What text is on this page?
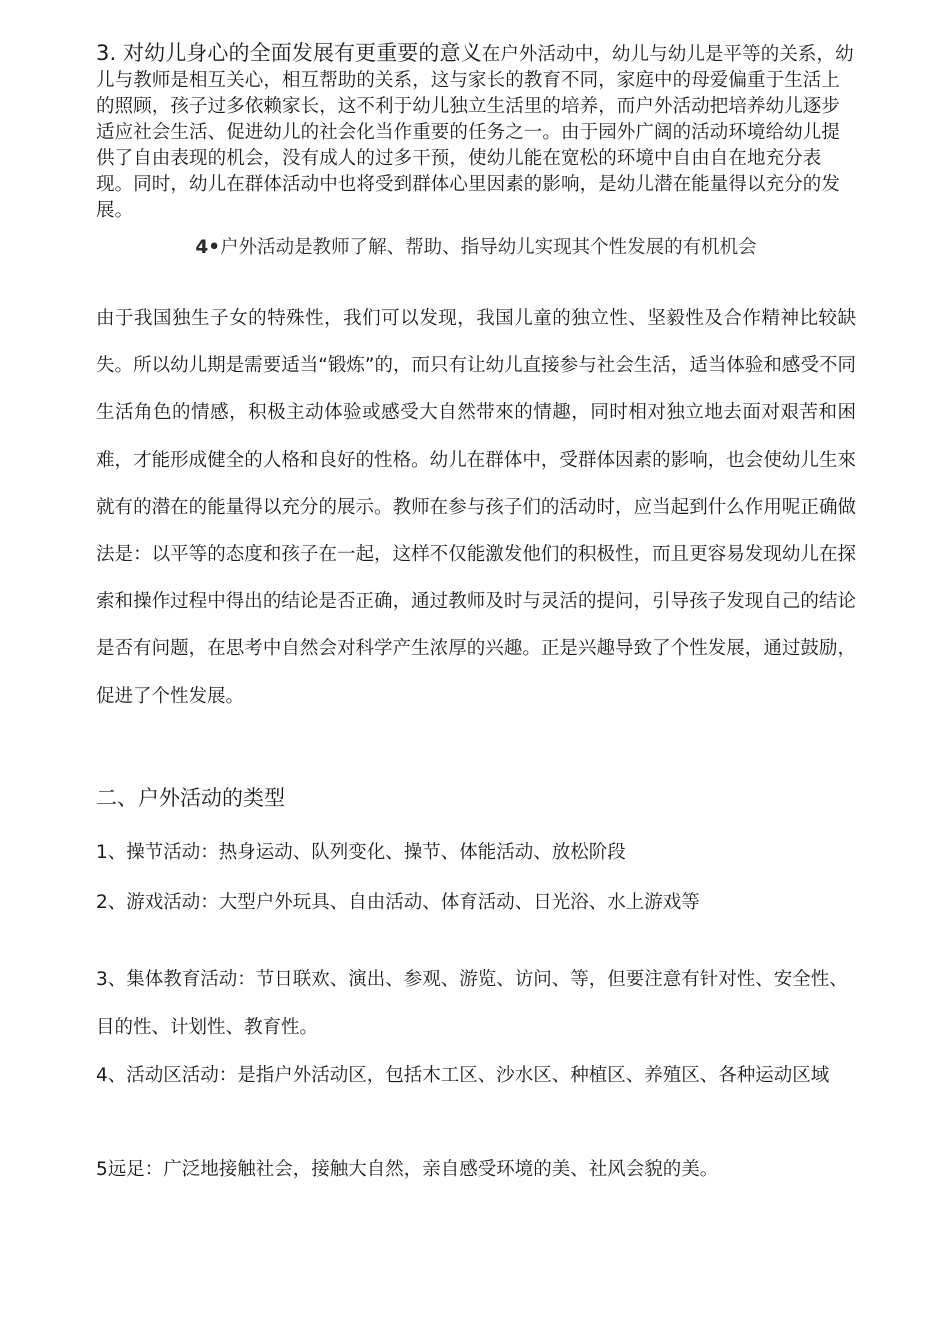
3. 对幼儿身心的全面发展有更重要的意义在户外活动中，幼儿与幼儿是平等的关系，幼儿与教师是相互关心，相互帮助的关系，这与家长的教育不同，家庭中的母爱偏重于生活上的照顾，孩子过多依赖家长，这不利于幼儿独立生活里的培养，而户外活动把培养幼儿逐步适应社会生活、促进幼儿的社会化当作重要的任务之一。由于园外广阔的活动环境给幼儿提供了自由表现的机会，没有成人的过多干预，使幼儿能在宽松的环境中自由自在地充分表现。同时，幼儿在群体活动中也将受到群体心里因素的影响，是幼儿潜在能量得以充分的发展。

4•户外活动是教师了解、帮助、指导幼儿实现其个性发展的有机机会

由于我国独生子女的特殊性，我们可以发现，我国儿童的独立性、坚毅性及合作精神比较缺失。所以幼儿期是需要适当“锻炼”的，而只有让幼儿直接参与社会生活，适当体验和感受不同生活角色的情感，积极主动体验或感受大自然带來的情趣，同时相对独立地去面对艰苦和困难，才能形成健全的人格和良好的性格。幼儿在群体中，受群体因素的影响，也会使幼儿生來就有的潜在的能量得以充分的展示。教师在参与孩子们的活动时，应当起到什么作用呢正确做法是：以平等的态度和孩子在一起，这样不仅能激发他们的积极性，而且更容易发现幼儿在探索和操作过程中得出的结论是否正确，通过教师及时与灵活的提问，引导孩子发现自己的结论是否有问题，在思考中自然会对科学产生浓厚的兴趣。正是兴趣导致了个性发展，通过鼓励，促进了个性发展。

二、户外活动的类型

1、操节活动：热身运动、队列变化、操节、体能活动、放松阶段

2、游戏活动：大型户外玩具、自由活动、体育活动、日光浴、水上游戏等

3、集体教育活动：节日联欢、演出、参观、游览、访问、等，但要注意有针对性、安全性、目的性、计划性、教育性。

4、活动区活动：是指户外活动区，包括木工区、沙水区、种植区、养殖区、各种运动区域

5远足：广泛地接触社会，接触大自然，亲自感受环境的美、社风会貌的美。
